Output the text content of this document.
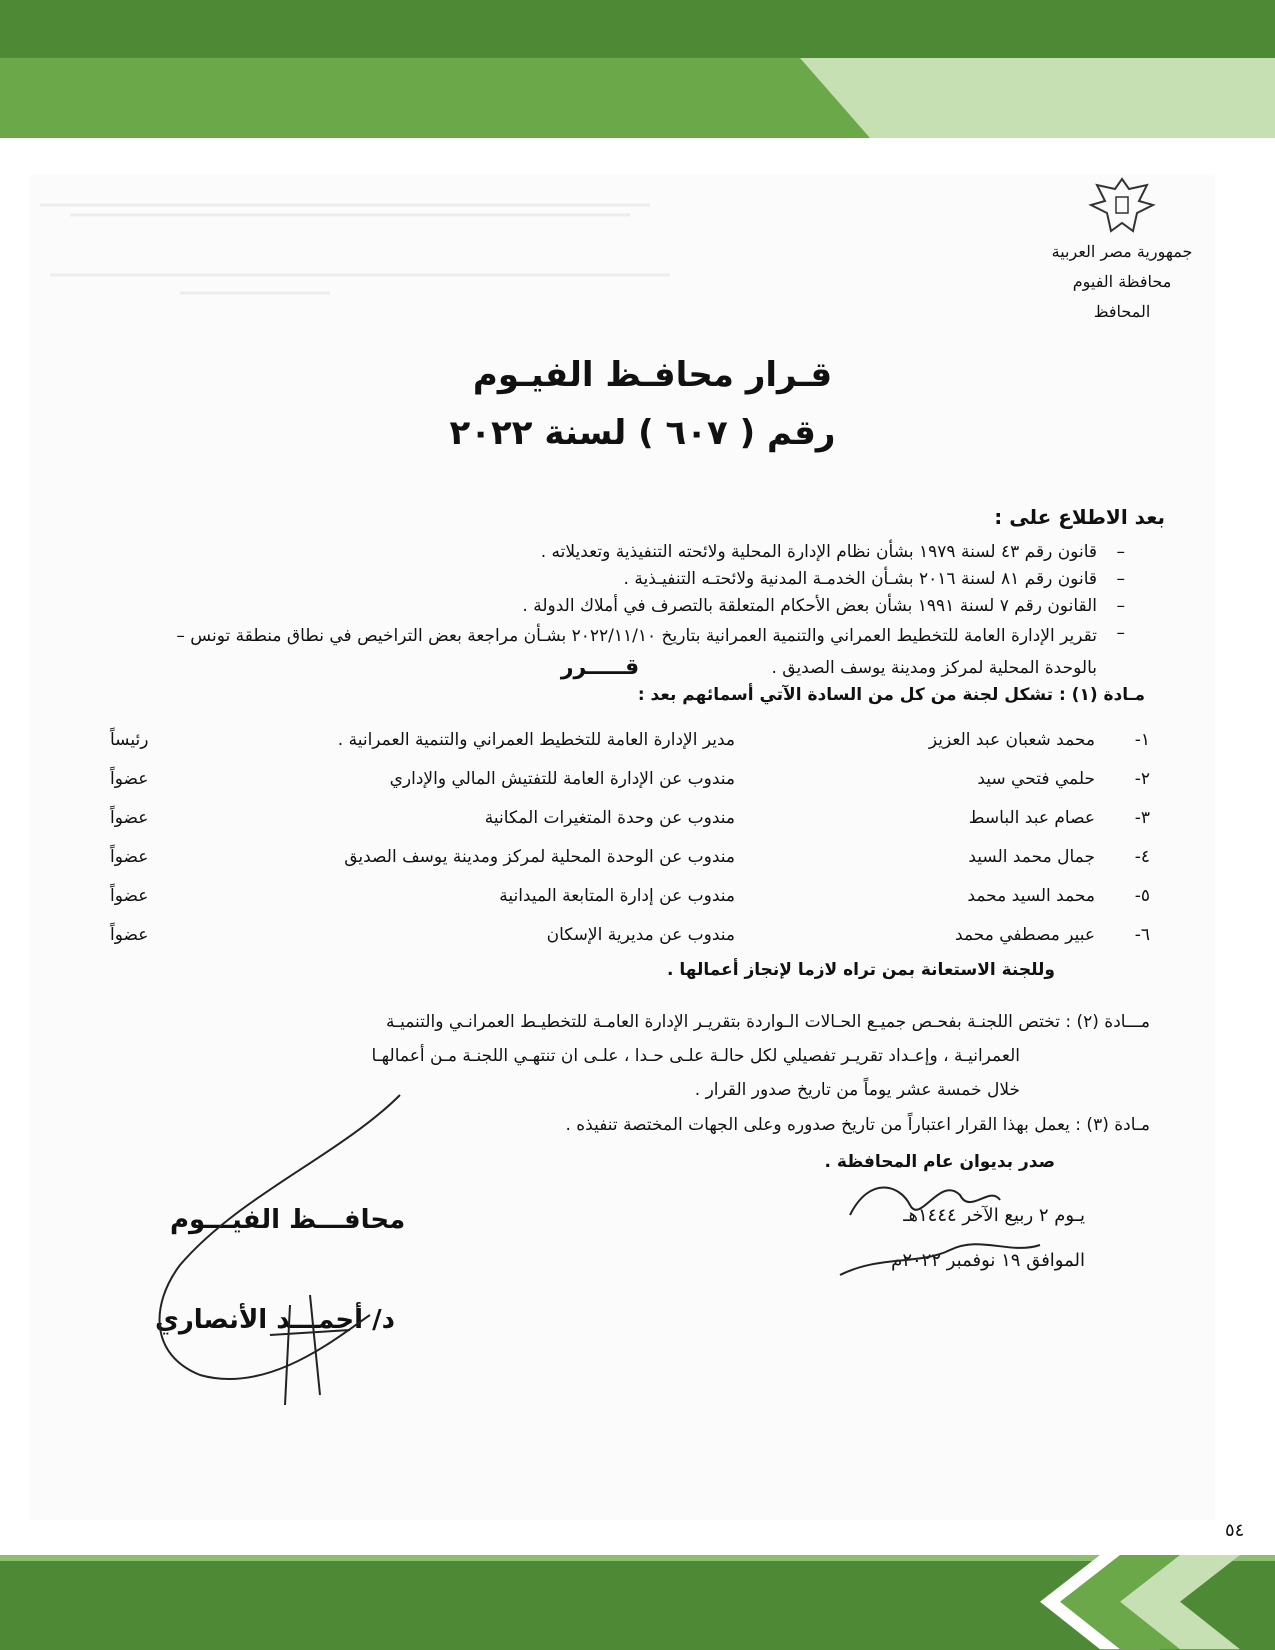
جمهورية مصر العربية
محافظة الفيوم
المحافظ
قـرار محافـظ الفيـوم
رقم ( ٦٠٧ ) لسنة ٢٠٢٢
بعد الاطلاع على :
–
قانون رقم ٤٣ لسنة ١٩٧٩ بشأن نظام الإدارة المحلية ولائحته التنفيذية وتعديلاته .
–
قانون رقم ٨١ لسنة ٢٠١٦ بشـأن الخدمـة المدنية ولائحتـه التنفيـذية .
–
القانون رقم ٧ لسنة ١٩٩١ بشأن بعض الأحكام المتعلقة بالتصرف في أملاك الدولة .
–
تقرير الإدارة العامة للتخطيط العمراني والتنمية العمرانية بتاريخ ٢٠٢٢/١١/١٠ بشـأن مراجعة بعض التراخيص في نطاق منطقة تونس – بالوحدة المحلية لمركز ومدينة يوسف الصديق .
قـــــرر
مـادة (١) : تشكل لجنة من كل من السادة الآتي أسمائهم بعد :
١-
محمد شعبان عبد العزيز
مدير الإدارة العامة للتخطيط العمراني والتنمية العمرانية .
رئيساً
٢-
حلمي فتحي سيد
مندوب عن الإدارة العامة للتفتيش المالي والإداري
عضواً
٣-
عصام عبد الباسط
مندوب عن وحدة المتغيرات المكانية
عضواً
٤-
جمال محمد السيد
مندوب عن الوحدة المحلية لمركز ومدينة يوسف الصديق
عضواً
٥-
محمد السيد محمد
مندوب عن إدارة المتابعة الميدانية
عضواً
٦-
عبير مصطفي محمد
مندوب عن مديرية الإسكان
عضواً
وللجنة الاستعانة بمن تراه لازما لإنجاز أعمالها .
مـــادة (٢) : تختص اللجنـة بفحـص جميـع الحـالات الـواردة بتقريـر الإدارة العامـة للتخطيـط العمرانـي والتنميـة
العمرانيـة ، وإعـداد تقريـر تفصيلي لكل حالـة علـى حـدا ، علـى ان تنتهـي اللجنـة مـن أعمالهـا
خلال خمسة عشر يوماً من تاريخ صدور القرار .
مـادة (٣) : يعمل بهذا القرار اعتباراً من تاريخ صدوره وعلى الجهات المختصة تنفيذه .
صدر بديوان عام المحافظة .
يـوم ٢ ربيع الآخر ١٤٤٤هـ
الموافق ١٩ نوفمبر ٢٠٢٢م
محافـــظ الفيـــوم
د/ أحمـــد الأنصاري
٥٤
